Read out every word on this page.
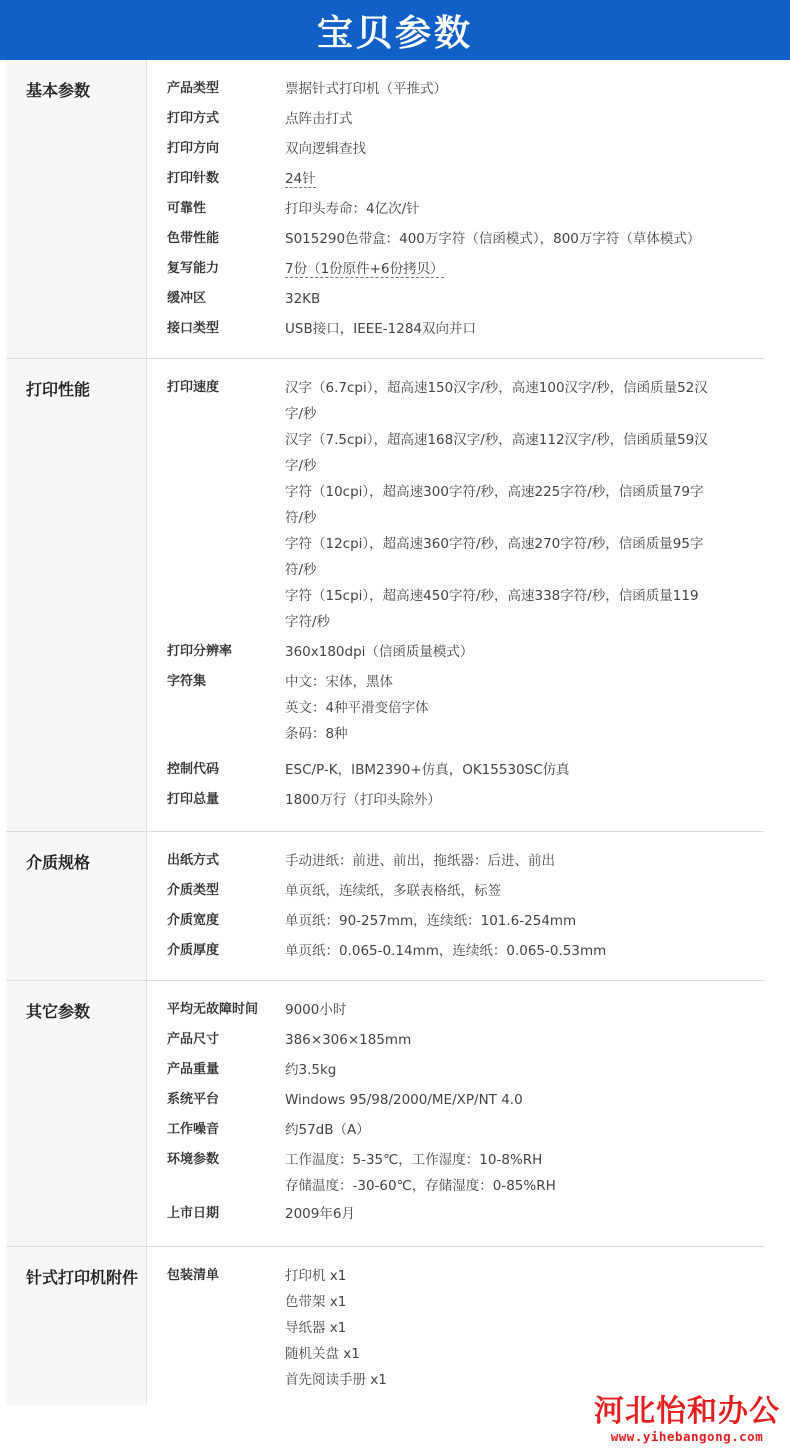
宝贝参数
基本参数	产品类型	票据针式打印机（平推式）
打印方式	点阵击打式
打印方向	双向逻辑查找
打印针数	24针
可靠性	打印头寿命：4亿次/针
色带性能	S015290色带盒：400万字符（信函模式），800万字符（草体模式）
复写能力	7份（1份原件+6份拷贝）
缓冲区	32KB
接口类型	USB接口，IEEE-1284双向并口
打印性能	打印速度	汉字（6.7cpi），超高速150汉字/秒，高速100汉字/秒，信函质量52汉
字/秒
汉字（7.5cpi），超高速168汉字/秒，高速112汉字/秒，信函质量59汉
字/秒
字符（10cpi），超高速300字符/秒，高速225字符/秒，信函质量79字
符/秒
字符（12cpi），超高速360字符/秒，高速270字符/秒，信函质量95字
符/秒
字符（15cpi），超高速450字符/秒，高速338字符/秒，信函质量119
字符/秒
打印分辨率	360x180dpi（信函质量模式）
字符集	中文：宋体，黑体
英文：4种平滑变倍字体
条码：8种
控制代码	ESC/P-K，IBM2390+仿真，OK15530SC仿真
打印总量	1800万行（打印头除外）
介质规格	出纸方式	手动进纸：前进、前出，拖纸器：后进、前出
介质类型	单页纸，连续纸，多联表格纸，标签
介质宽度	单页纸：90-257mm，连续纸：101.6-254mm
介质厚度	单页纸：0.065-0.14mm，连续纸：0.065-0.53mm
其它参数	平均无故障时间	9000小时
产品尺寸	386×306×185mm
产品重量	约3.5kg
系统平台	Windows 95/98/2000/ME/XP/NT 4.0
工作噪音	约57dB（A）
环境参数	工作温度：5-35℃，工作湿度：10-8%RH
存储温度：-30-60℃，存储湿度：0-85%RH
上市日期	2009年6月
针式打印机附件	包装清单	打印机 x1
色带架 x1
导纸器 x1
随机关盘 x1
首先阅读手册 x1
河北怡和办公
www.yihebangong.com
